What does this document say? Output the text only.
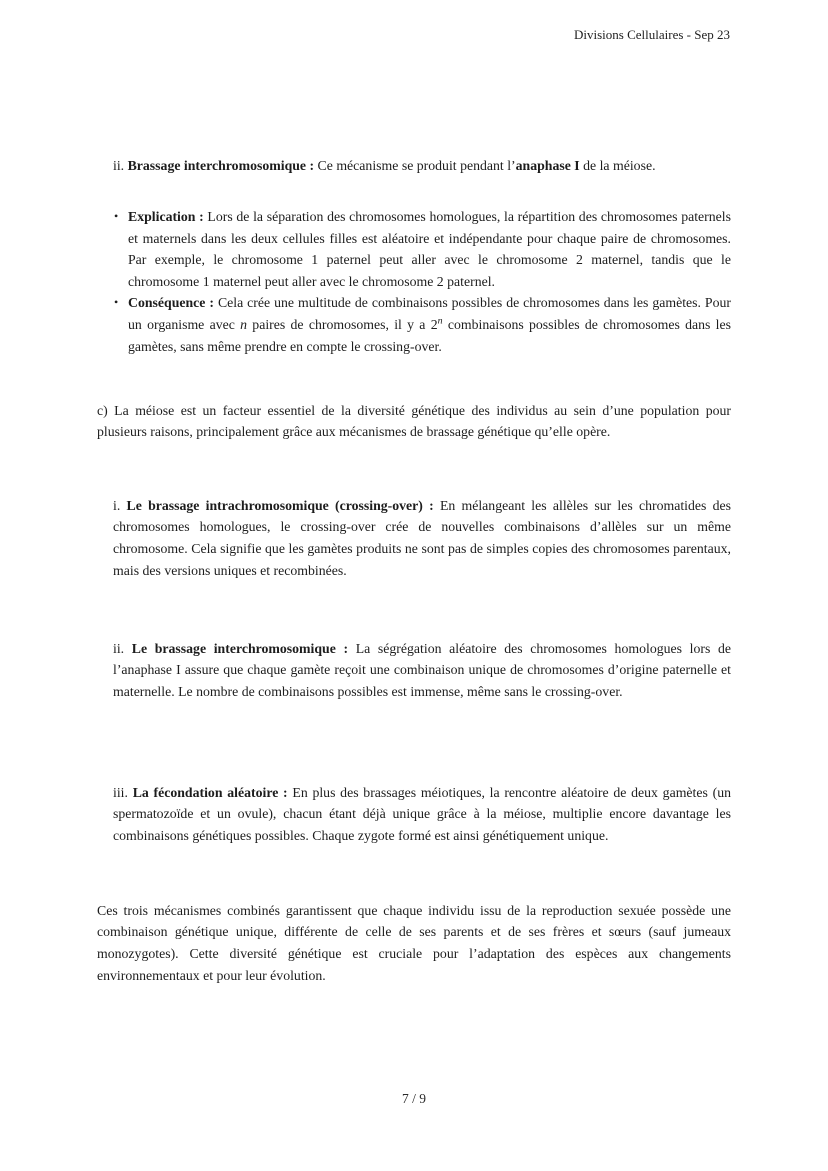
Divisions Cellulaires - Sep 23

ii. Brassage interchromosomique : Ce mécanisme se produit pendant l’anaphase I de la méiose.

• Explication : Lors de la séparation des chromosomes homologues, la répartition des chromosomes paternels et maternels dans les deux cellules filles est aléatoire et indépendante pour chaque paire de chromosomes. Par exemple, le chromosome 1 paternel peut aller avec le chromosome 2 maternel, tandis que le chromosome 1 maternel peut aller avec le chromosome 2 paternel.
• Conséquence : Cela crée une multitude de combinaisons possibles de chromosomes dans les gamètes. Pour un organisme avec n paires de chromosomes, il y a 2$^n$ combinaisons possibles de chromosomes dans les gamètes, sans même prendre en compte le crossing-over.

c) La méiose est un facteur essentiel de la diversité génétique des individus au sein d’une population pour plusieurs raisons, principalement grâce aux mécanismes de brassage génétique qu’elle opère.

i. Le brassage intrachromosomique (crossing-over) : En mélangeant les allèles sur les chromatides des chromosomes homologues, le crossing-over crée de nouvelles combinaisons d’allèles sur un même chromosome. Cela signifie que les gamètes produits ne sont pas de simples copies des chromosomes parentaux, mais des versions uniques et recombinées.

ii. Le brassage interchromosomique : La ségrégation aléatoire des chromosomes homologues lors de l’anaphase I assure que chaque gamète reçoit une combinaison unique de chromosomes d’origine paternelle et maternelle. Le nombre de combinaisons possibles est immense, même sans le crossing-over.

iii. La fécondation aléatoire : En plus des brassages méiotiques, la rencontre aléatoire de deux gamètes (un spermatozoïde et un ovule), chacun étant déjà unique grâce à la méiose, multiplie encore davantage les combinaisons génétiques possibles. Chaque zygote formé est ainsi génétiquement unique.

Ces trois mécanismes combinés garantissent que chaque individu issu de la reproduction sexuée possède une combinaison génétique unique, différente de celle de ses parents et de ses frères et sœurs (sauf jumeaux monozygotes). Cette diversité génétique est cruciale pour l’adaptation des espèces aux changements environnementaux et pour leur évolution.

7 / 9
